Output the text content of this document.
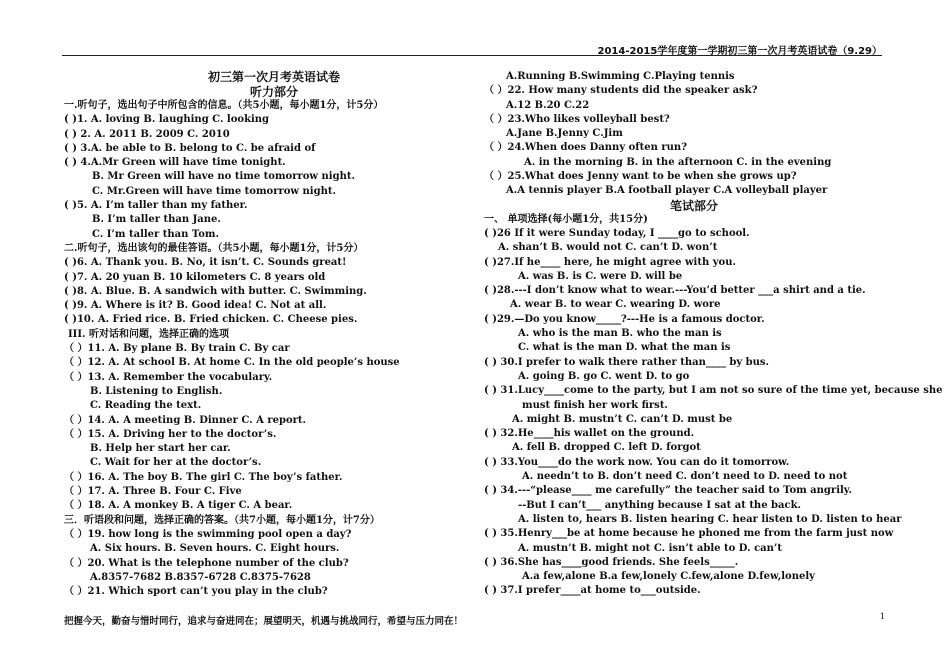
2014-2015学年度第一学期初三第一次月考英语试卷（9.29）
初三第一次月考英语试卷
听力部分
一.听句子，选出句子中所包含的信息。（共5小题，每小题1分，计5分）
( )1. A. loving B. laughing C. looking
( ) 2. A. 2011 B. 2009 C. 2010
( ) 3.A. be able to B. belong to C. be afraid of
( ) 4.A.Mr Green will have time tonight.
B. Mr Green will have no time tomorrow night.
C. Mr.Green will have time tomorrow night.
( )5. A. I’m taller than my father.
B. I’m taller than Jane.
C. I’m taller than Tom.
二.听句子，选出该句的最佳答语。（共5小题，每小题1分，计5分）
( )6. A. Thank you. B. No, it isn’t. C. Sounds great!
( )7. A. 20 yuan B. 10 kilometers C. 8 years old
( )8. A. Blue. B. A sandwich with butter. C. Swimming.
( )9. A. Where is it? B. Good idea! C. Not at all.
( )10. A. Fried rice. B. Fried chicken. C. Cheese pies.
III. 听对话和问题，选择正确的选项
（ ）11. A. By plane B. By train C. By car
（ ）12. A. At school B. At home C. In the old people’s house
（ ）13. A. Remember the vocabulary.
B. Listening to English.
C. Reading the text.
（ ）14. A. A meeting B. Dinner C. A report.
（ ）15. A. Driving her to the doctor’s.
B. Help her start her car.
C. Wait for her at the doctor’s.
（ ）16. A. The boy B. The girl C. The boy’s father.
（ ）17. A. Three B. Four C. Five
（ ）18. A. A monkey B. A tiger C. A bear.
三．听语段和问题，选择正确的答案。（共7小题，每小题1分，计7分）
（ ）19. how long is the swimming pool open a day?
A. Six hours. B. Seven hours. C. Eight hours.
（ ）20. What is the telephone number of the club?
A.8357-7682 B.8357-6728 C.8375-7628
（ ）21. Which sport can’t you play in the club?
A.Running B.Swimming C.Playing tennis
（ ）22. How many students did the speaker ask?
A.12 B.20 C.22
（ ）23.Who likes volleyball best?
A.Jane B.Jenny C.Jim
（ ）24.When does Danny often run?
A. in the morning B. in the afternoon C. in the evening
（ ）25.What does Jenny want to be when she grows up?
A.A tennis player B.A football player C.A volleyball player
笔试部分
一、 单项选择(每小题1分，共15分)
( )26 If it were Sunday today, I ____go to school.
A. shan’t B. would not C. can’t D. won’t
( )27.If he____ here, he might agree with you.
A. was B. is C. were D. will be
( )28.---I don’t know what to wear.---You’d better ___a shirt and a tie.
A. wear B. to wear C. wearing D. wore
( )29.—Do you know_____?---He is a famous doctor.
A. who is the man B. who the man is
C. what is the man D. what the man is
( ) 30.I prefer to walk there rather than____ by bus.
A. going B. go C. went D. to go
( ) 31.Lucy____come to the party, but I am not so sure of the time yet, because she
must finish her work first.
A. might B. mustn’t C. can’t D. must be
( ) 32.He____his wallet on the ground.
A. fell B. dropped C. left D. forgot
( ) 33.You____do the work now. You can do it tomorrow.
A. needn’t to B. don’t need C. don’t need to D. need to not
( ) 34.---“please____ me carefully” the teacher said to Tom angrily.
--But I can’t___ anything because I sat at the back.
A. listen to, hears B. listen hearing C. hear listen to D. listen to hear
( ) 35.Henry___be at home because he phoned me from the farm just now
A. mustn’t B. might not C. isn’t able to D. can’t
( ) 36.She has____good friends. She feels_____.
A.a few,alone B.a few,lonely C.few,alone D.few,lonely
( ) 37.I prefer____at home to___outside.
把握今天，勤奋与惜时同行，追求与奋进同在；展望明天，机遇与挑战同行，希望与压力同在！	1
